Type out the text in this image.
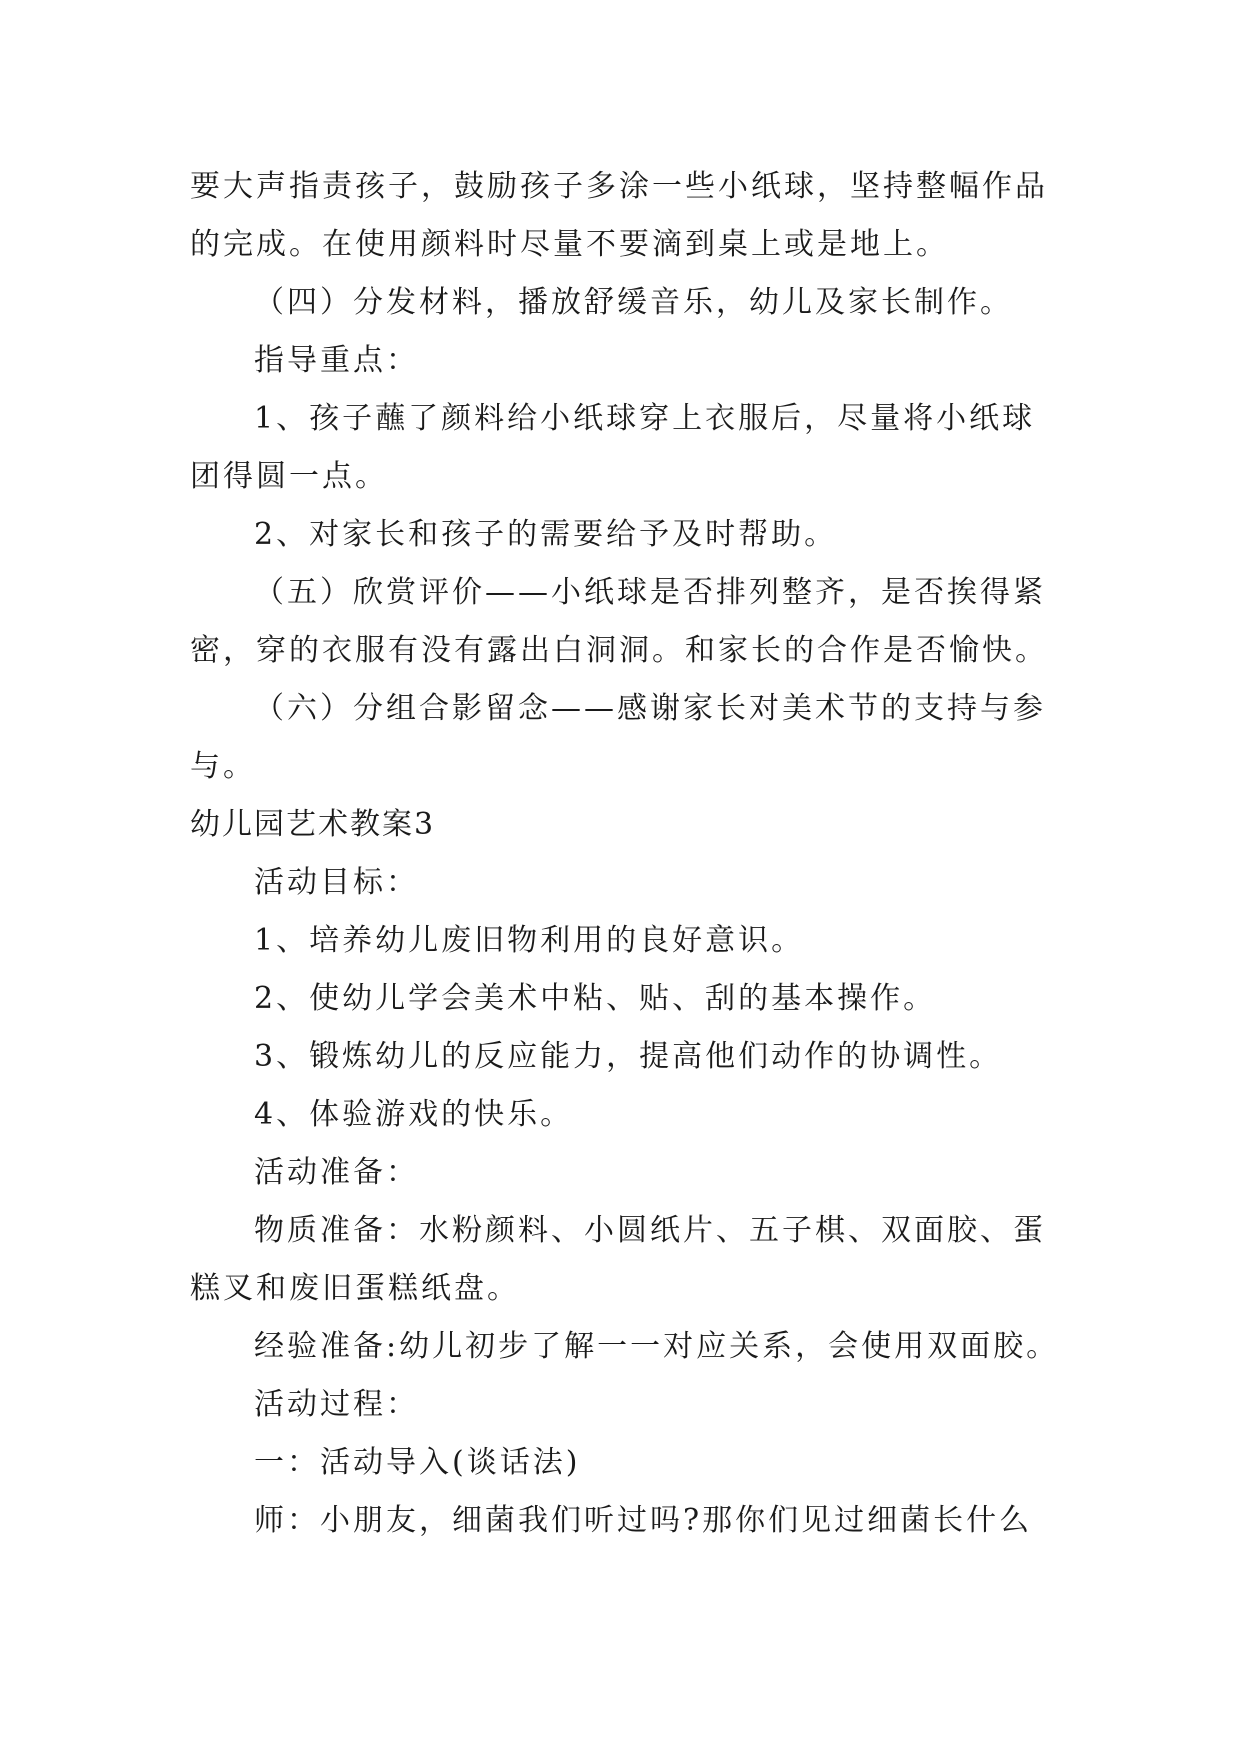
要大声指责孩子，鼓励孩子多涂一些小纸球，坚持整幅作品

的完成。在使用颜料时尽量不要滴到桌上或是地上。

（四）分发材料，播放舒缓音乐，幼儿及家长制作。

指导重点：

1、孩子蘸了颜料给小纸球穿上衣服后，尽量将小纸球

团得圆一点。

2、对家长和孩子的需要给予及时帮助。

（五）欣赏评价——小纸球是否排列整齐，是否挨得紧

密，穿的衣服有没有露出白洞洞。和家长的合作是否愉快。

（六）分组合影留念——感谢家长对美术节的支持与参

与。

幼儿园艺术教案3

活动目标：

1、培养幼儿废旧物利用的良好意识。

2、使幼儿学会美术中粘、贴、刮的基本操作。

3、锻炼幼儿的反应能力，提高他们动作的协调性。

4、体验游戏的快乐。

活动准备：

物质准备：水粉颜料、小圆纸片、五子棋、双面胶、蛋

糕叉和废旧蛋糕纸盘。

经验准备:幼儿初步了解一一对应关系，会使用双面胶。

活动过程：

一：活动导入(谈话法)

师：小朋友，细菌我们听过吗?那你们见过细菌长什么
